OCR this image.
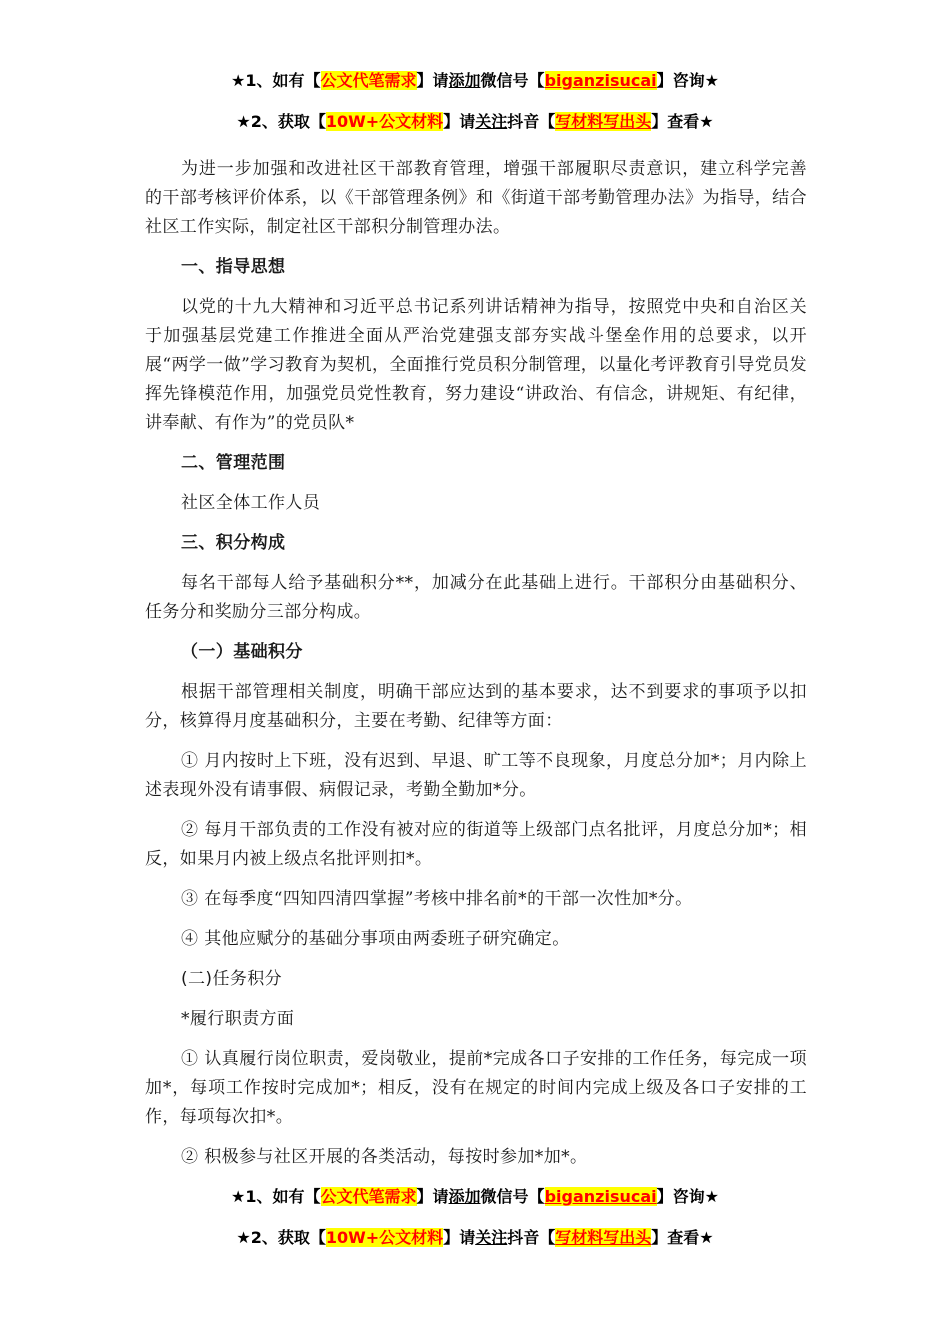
★1、如有【公文代笔需求】请添加微信号【biganzisucai】咨询★
★2、获取【10W+公文材料】请关注抖音【写材料写出头】查看★

为进一步加强和改进社区干部教育管理，增强干部履职尽责意识，建立科学完善的干部考核评价体系，以《干部管理条例》和《街道干部考勤管理办法》为指导，结合社区工作实际，制定社区干部积分制管理办法。

一、指导思想

以党的十九大精神和习近平总书记系列讲话精神为指导，按照党中央和自治区关于加强基层党建工作推进全面从严治党建强支部夯实战斗堡垒作用的总要求，以开展“两学一做”学习教育为契机，全面推行党员积分制管理，以量化考评教育引导党员发挥先锋模范作用，加强党员党性教育，努力建设“讲政治、有信念，讲规矩、有纪律，讲奉献、有作为”的党员队*

二、管理范围

社区全体工作人员

三、积分构成

每名干部每人给予基础积分**，加减分在此基础上进行。干部积分由基础积分、任务分和奖励分三部分构成。

（一）基础积分

根据干部管理相关制度，明确干部应达到的基本要求，达不到要求的事项予以扣分，核算得月度基础积分，主要在考勤、纪律等方面：

① 月内按时上下班，没有迟到、早退、旷工等不良现象，月度总分加*；月内除上述表现外没有请事假、病假记录，考勤全勤加*分。

② 每月干部负责的工作没有被对应的街道等上级部门点名批评，月度总分加*；相反，如果月内被上级点名批评则扣*。

③ 在每季度“四知四清四掌握”考核中排名前*的干部一次性加*分。

④ 其他应赋分的基础分事项由两委班子研究确定。

(二)任务积分

*履行职责方面

① 认真履行岗位职责，爱岗敬业，提前*完成各口子安排的工作任务，每完成一项加*，每项工作按时完成加*；相反，没有在规定的时间内完成上级及各口子安排的工作，每项每次扣*。

② 积极参与社区开展的各类活动，每按时参加*加*。

★1、如有【公文代笔需求】请添加微信号【biganzisucai】咨询★
★2、获取【10W+公文材料】请关注抖音【写材料写出头】查看★
